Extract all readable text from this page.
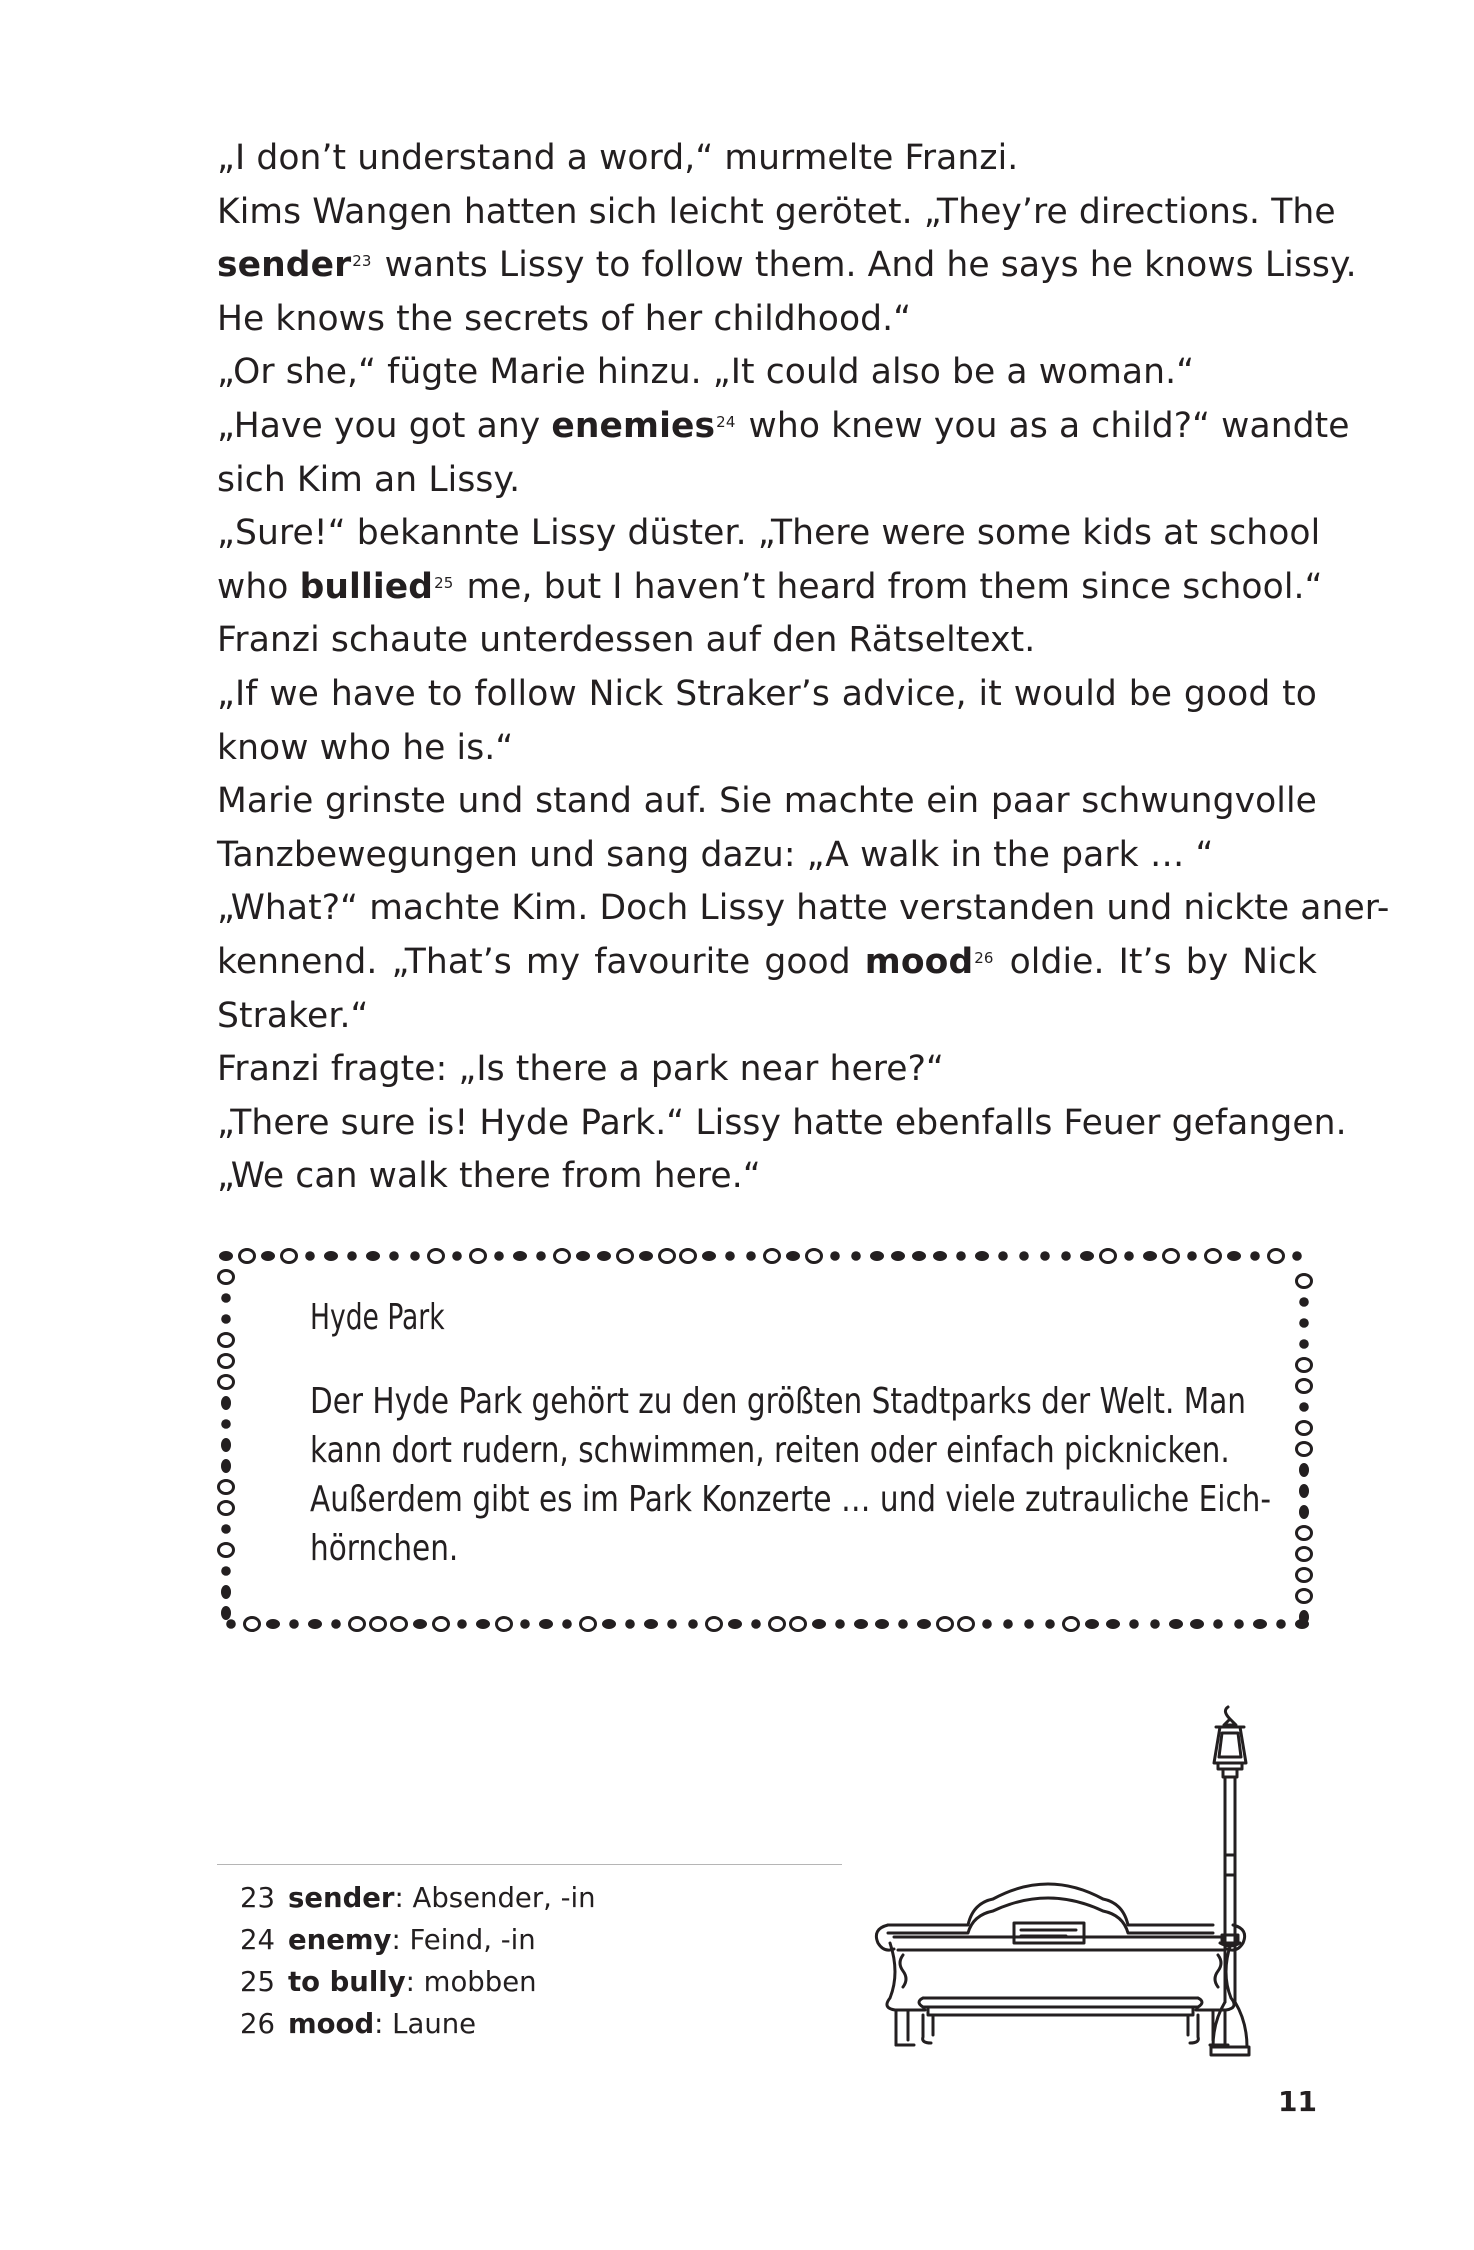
„I don’t understand a word,“ murmelte Franzi.
Kims Wangen hatten sich leicht gerötet. „They’re directions. The
sender$^{23}$ wants Lissy to follow them. And he says he knows Lissy.
He knows the secrets of her childhood.“
„Or she,“ fügte Marie hinzu. „It could also be a woman.“
„Have you got any enemies$^{24}$ who knew you as a child?“ wandte
sich Kim an Lissy.
„Sure!“ bekannte Lissy düster. „There were some kids at school
who bullied$^{25}$ me, but I haven’t heard from them since school.“
Franzi schaute unterdessen auf den Rätseltext.
„If we have to follow Nick Straker’s advice, it would be good to
know who he is.“
Marie grinste und stand auf. Sie machte ein paar schwungvolle
Tanzbewegungen und sang dazu: „A walk in the park … “
„What?“ machte Kim. Doch Lissy hatte verstanden und nickte aner-
kennend. „That’s my favourite good mood$^{26}$ oldie. It’s by Nick
Straker.“
Franzi fragte: „Is there a park near here?“
„There sure is! Hyde Park.“ Lissy hatte ebenfalls Feuer gefangen.
„We can walk there from here.“
Hyde Park
Der Hyde Park gehört zu den größten Stadtparks der Welt. Man
kann dort rudern, schwimmen, reiten oder einfach picknicken.
Außerdem gibt es im Park Konzerte … und viele zutrauliche Eich-
hörnchen.
23 sender: Absender, -in
24 enemy: Feind, -in
25 to bully: mobben
26 mood: Laune
11
